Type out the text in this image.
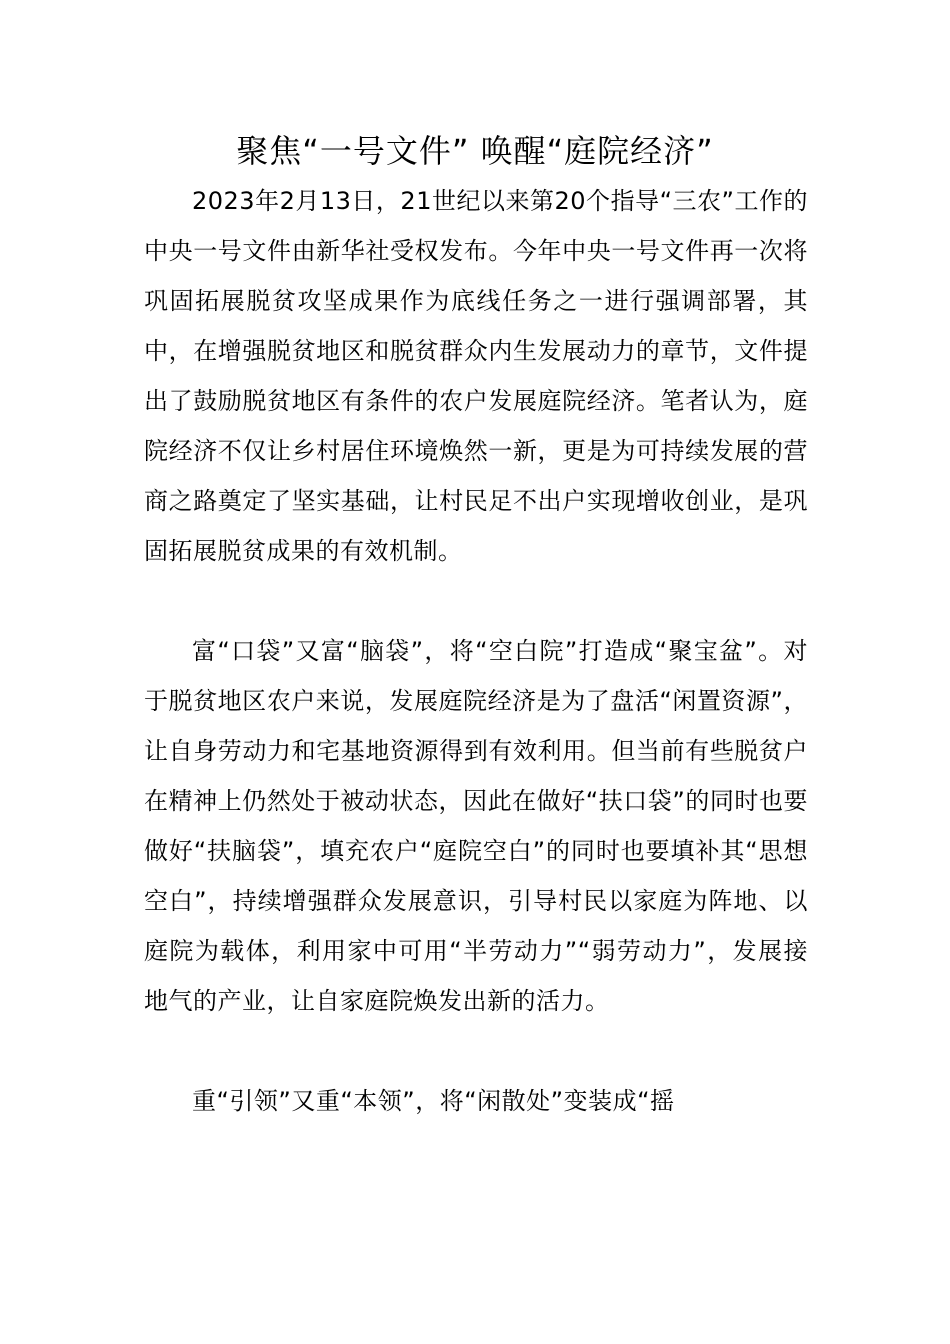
聚焦“一号文件” 唤醒“庭院经济”

2023年2月13日，21世纪以来第20个指导“三农”工作的中央一号文件由新华社受权发布。今年中央一号文件再一次将巩固拓展脱贫攻坚成果作为底线任务之一进行强调部署，其中，在增强脱贫地区和脱贫群众内生发展动力的章节，文件提出了鼓励脱贫地区有条件的农户发展庭院经济。笔者认为，庭院经济不仅让乡村居住环境焕然一新，更是为可持续发展的营商之路奠定了坚实基础，让村民足不出户实现增收创业，是巩固拓展脱贫成果的有效机制。

富“口袋”又富“脑袋”，将“空白院”打造成“聚宝盆”。对于脱贫地区农户来说，发展庭院经济是为了盘活“闲置资源”，让自身劳动力和宅基地资源得到有效利用。但当前有些脱贫户在精神上仍然处于被动状态，因此在做好“扶口袋”的同时也要做好“扶脑袋”，填充农户“庭院空白”的同时也要填补其“思想空白”，持续增强群众发展意识，引导村民以家庭为阵地、以庭院为载体，利用家中可用“半劳动力”“弱劳动力”，发展接地气的产业，让自家庭院焕发出新的活力。

重“引领”又重“本领”，将“闲散处”变装成“摇
